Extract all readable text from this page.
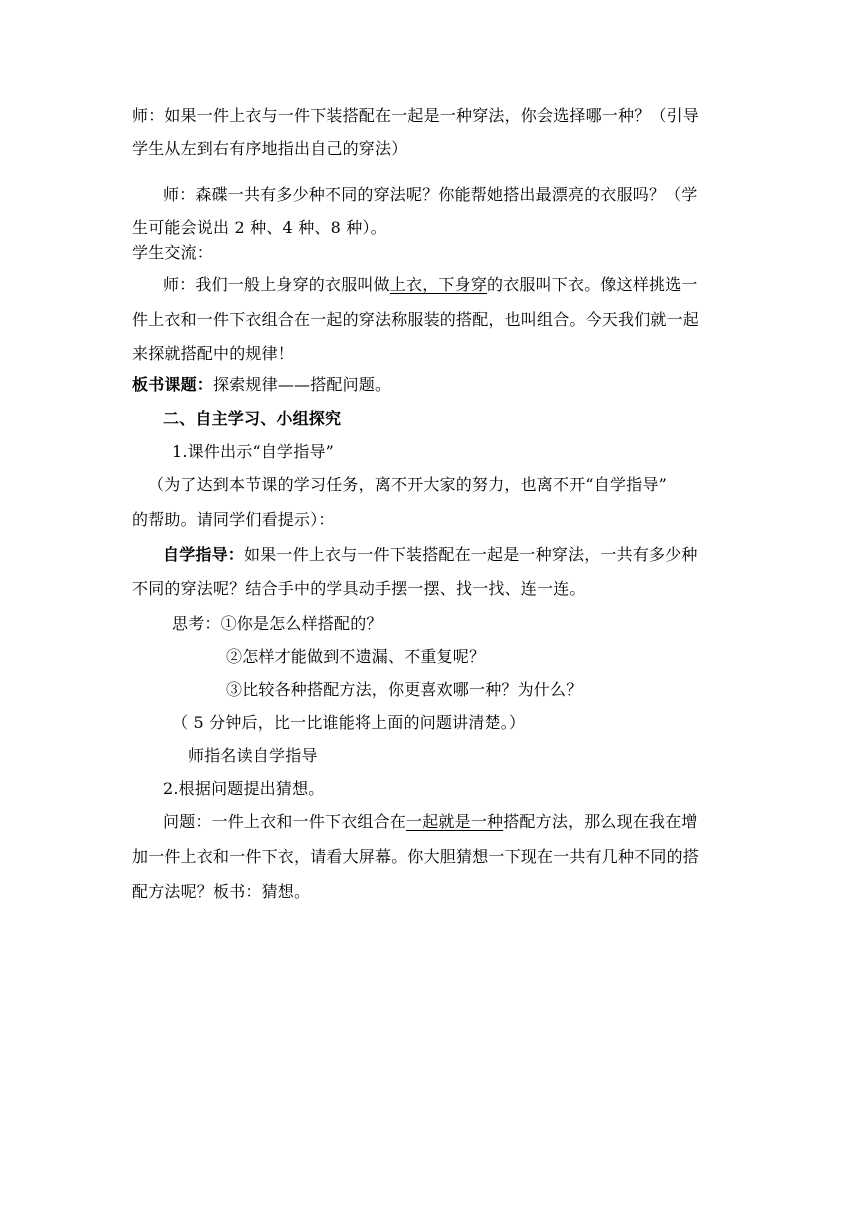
师：如果一件上衣与一件下装搭配在一起是一种穿法，你会选择哪一种？（引导
学生从左到右有序地指出自己的穿法）
师：森碟一共有多少种不同的穿法呢？你能帮她搭出最漂亮的衣服吗？（学
生可能会说出 2 种、4 种、8 种）。
学生交流：
师：我们一般上身穿的衣服叫做上衣，下身穿的衣服叫下衣。像这样挑选一
件上衣和一件下衣组合在一起的穿法称服装的搭配，也叫组合。今天我们就一起
来探就搭配中的规律！
板书课题：探索规律——搭配问题。
二、自主学习、小组探究
1.课件出示“自学指导”
（为了达到本节课的学习任务，离不开大家的努力，也离不开“自学指导”
的帮助。请同学们看提示）：
自学指导：如果一件上衣与一件下装搭配在一起是一种穿法，一共有多少种
不同的穿法呢？结合手中的学具动手摆一摆、找一找、连一连。
思考：①你是怎么样搭配的？
②怎样才能做到不遗漏、不重复呢？
③比较各种搭配方法，你更喜欢哪一种？为什么？
（ 5 分钟后，比一比谁能将上面的问题讲清楚。）
师指名读自学指导
2.根据问题提出猜想。
问题：一件上衣和一件下衣组合在一起就是一种搭配方法，那么现在我在增
加一件上衣和一件下衣，请看大屏幕。你大胆猜想一下现在一共有几种不同的搭
配方法呢？板书：猜想。
